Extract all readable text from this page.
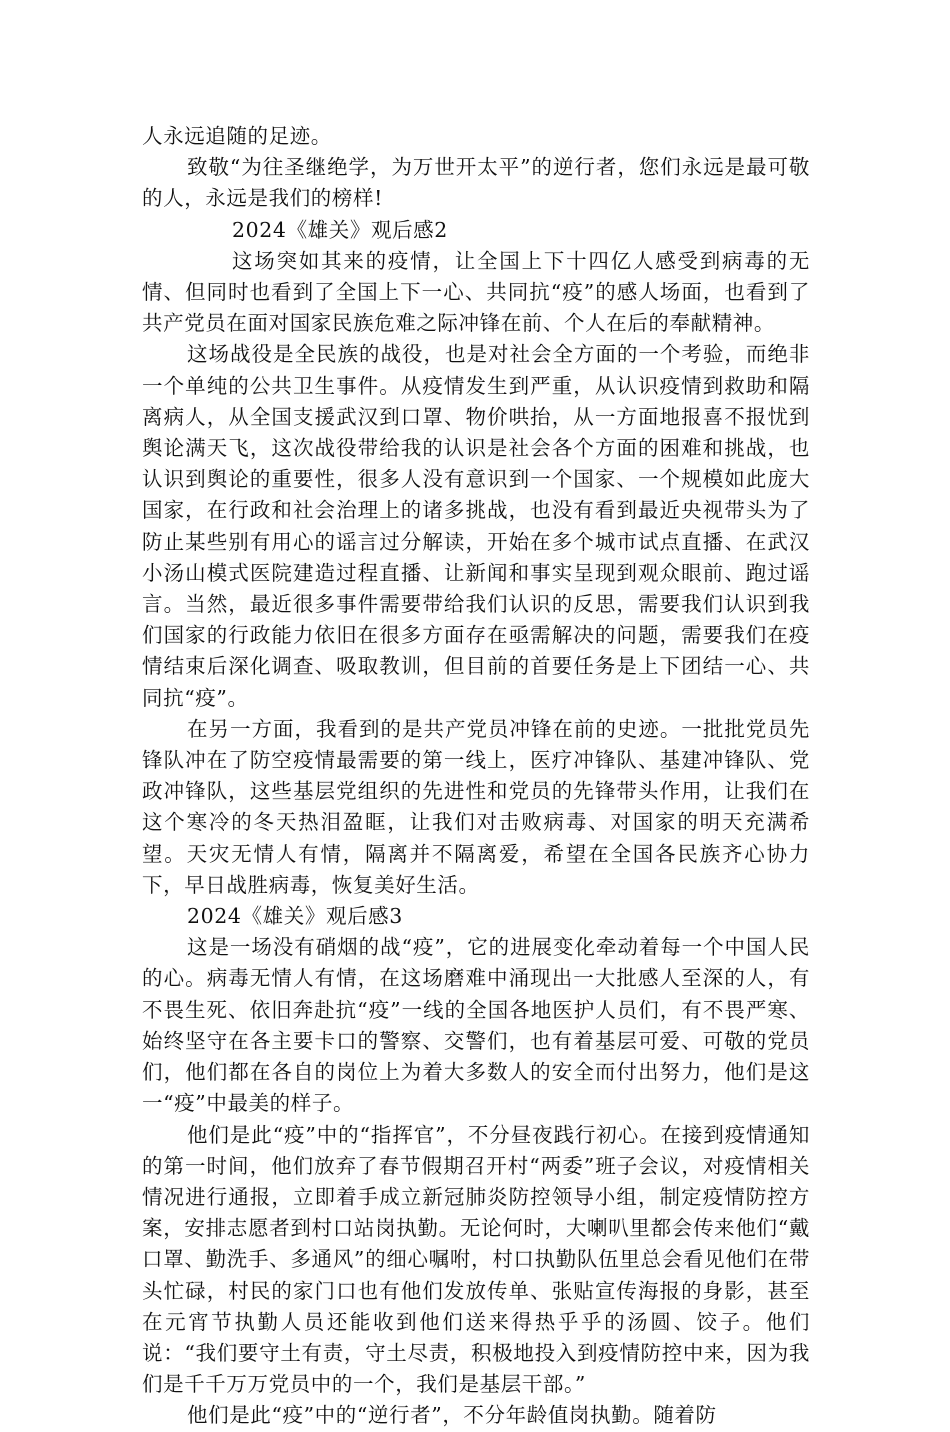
人永远追随的足迹。

致敬“为往圣继绝学，为万世开太平”的逆行者，您们永远是最可敬的人，永远是我们的榜样!

2024《雄关》观后感2

这场突如其来的疫情，让全国上下十四亿人感受到病毒的无情、但同时也看到了全国上下一心、共同抗“疫”的感人场面，也看到了共产党员在面对国家民族危难之际冲锋在前、个人在后的奉献精神。

这场战役是全民族的战役，也是对社会全方面的一个考验，而绝非一个单纯的公共卫生事件。从疫情发生到严重，从认识疫情到救助和隔离病人，从全国支援武汉到口罩、物价哄抬，从一方面地报喜不报忧到舆论满天飞，这次战役带给我的认识是社会各个方面的困难和挑战，也认识到舆论的重要性，很多人没有意识到一个国家、一个规模如此庞大国家，在行政和社会治理上的诸多挑战，也没有看到最近央视带头为了防止某些别有用心的谣言过分解读，开始在多个城市试点直播、在武汉小汤山模式医院建造过程直播、让新闻和事实呈现到观众眼前、跑过谣言。当然，最近很多事件需要带给我们认识的反思，需要我们认识到我们国家的行政能力依旧在很多方面存在亟需解决的问题，需要我们在疫情结束后深化调查、吸取教训，但目前的首要任务是上下团结一心、共同抗“疫”。

在另一方面，我看到的是共产党员冲锋在前的史迹。一批批党员先锋队冲在了防空疫情最需要的第一线上，医疗冲锋队、基建冲锋队、党政冲锋队，这些基层党组织的先进性和党员的先锋带头作用，让我们在这个寒冷的冬天热泪盈眶，让我们对击败病毒、对国家的明天充满希望。天灾无情人有情，隔离并不隔离爱，希望在全国各民族齐心协力下，早日战胜病毒，恢复美好生活。

2024《雄关》观后感3

这是一场没有硝烟的战“疫”，它的进展变化牵动着每一个中国人民的心。病毒无情人有情，在这场磨难中涌现出一大批感人至深的人，有不畏生死、依旧奔赴抗“疫”一线的全国各地医护人员们，有不畏严寒、始终坚守在各主要卡口的警察、交警们，也有着基层可爱、可敬的党员们，他们都在各自的岗位上为着大多数人的安全而付出努力，他们是这一“疫”中最美的样子。

他们是此“疫”中的“指挥官”，不分昼夜践行初心。在接到疫情通知的第一时间，他们放弃了春节假期召开村“两委”班子会议，对疫情相关情况进行通报，立即着手成立新冠肺炎防控领导小组，制定疫情防控方案，安排志愿者到村口站岗执勤。无论何时，大喇叭里都会传来他们“戴口罩、勤洗手、多通风”的细心嘱咐，村口执勤队伍里总会看见他们在带头忙碌，村民的家门口也有他们发放传单、张贴宣传海报的身影，甚至在元宵节执勤人员还能收到他们送来得热乎乎的汤圆、饺子。他们说：“我们要守土有责，守土尽责，积极地投入到疫情防控中来，因为我们是千千万万党员中的一个，我们是基层干部。”

他们是此“疫”中的“逆行者”，不分年龄值岗执勤。随着防
